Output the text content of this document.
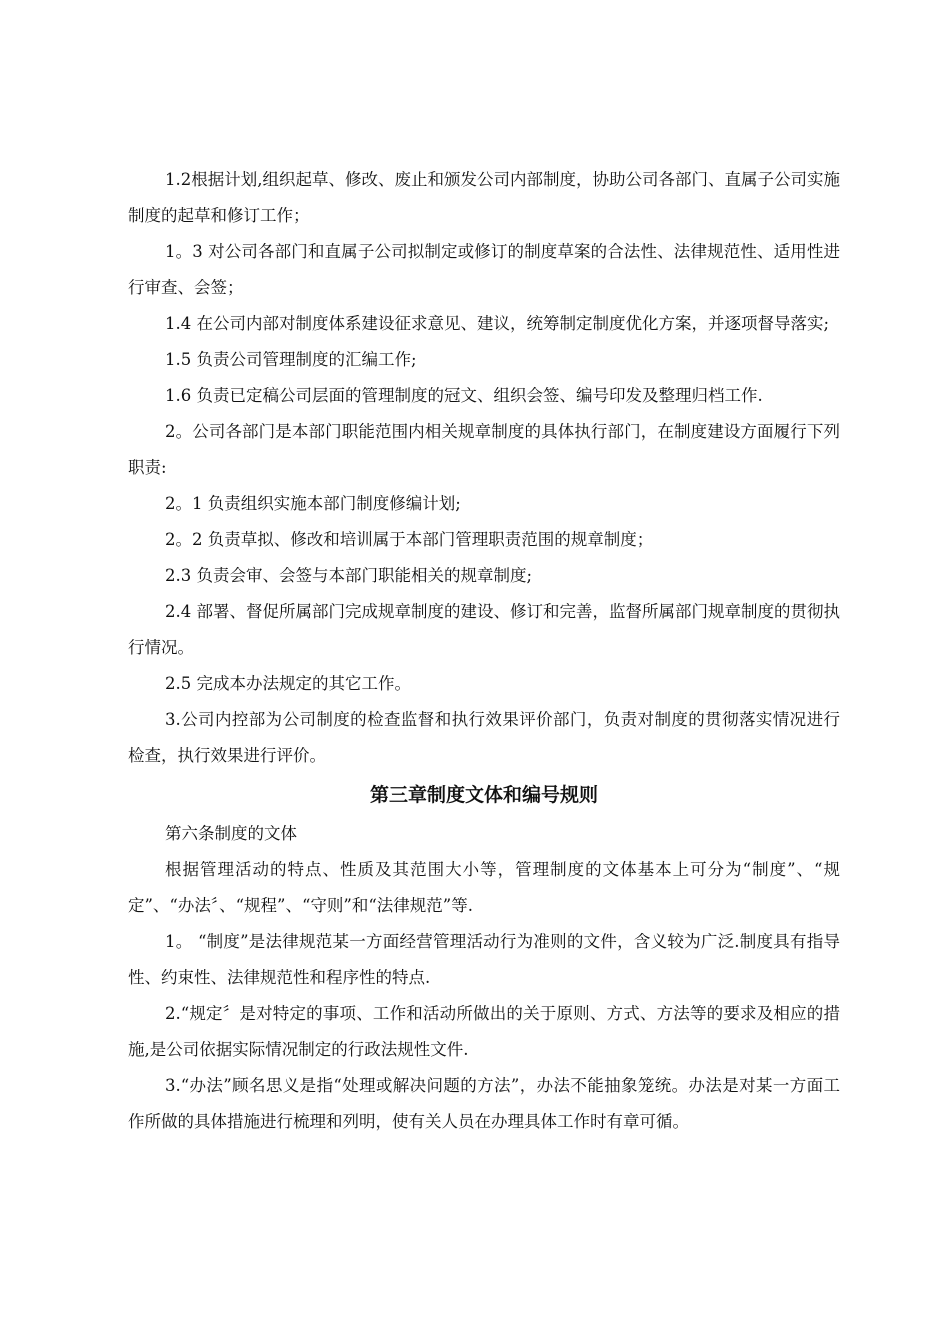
1.2根据计划,组织起草、修改、废止和颁发公司内部制度，协助公司各部门、直属子公司实施制度的起草和修订工作；

1。3 对公司各部门和直属子公司拟制定或修订的制度草案的合法性、法律规范性、适用性进行审查、会签；

1.4 在公司内部对制度体系建设征求意见、建议，统筹制定制度优化方案，并逐项督导落实;

1.5 负责公司管理制度的汇编工作;

1.6 负责已定稿公司层面的管理制度的冠文、组织会签、编号印发及整理归档工作.

2。公司各部门是本部门职能范围内相关规章制度的具体执行部门，在制度建设方面履行下列职责:

2。1 负责组织实施本部门制度修编计划;

2。2 负责草拟、修改和培训属于本部门管理职责范围的规章制度；

2.3 负责会审、会签与本部门职能相关的规章制度;

2.4 部署、督促所属部门完成规章制度的建设、修订和完善，监督所属部门规章制度的贯彻执行情况。

2.5 完成本办法规定的其它工作。

3.公司内控部为公司制度的检查监督和执行效果评价部门，负责对制度的贯彻落实情况进行检查，执行效果进行评价。

第三章制度文体和编号规则

第六条制度的文体

根据管理活动的特点、性质及其范围大小等，管理制度的文体基本上可分为“制度”、“规定”、“办法〞、“规程”、“守则”和“法律规范”等.

1。 “制度”是法律规范某一方面经营管理活动行为准则的文件，含义较为广泛.制度具有指导性、约束性、法律规范性和程序性的特点.

2.“规定〞是对特定的事项、工作和活动所做出的关于原则、方式、方法等的要求及相应的措施,是公司依据实际情况制定的行政法规性文件.

3.“办法”顾名思义是指“处理或解决问题的方法”，办法不能抽象笼统。办法是对某一方面工作所做的具体措施进行梳理和列明，使有关人员在办理具体工作时有章可循。
